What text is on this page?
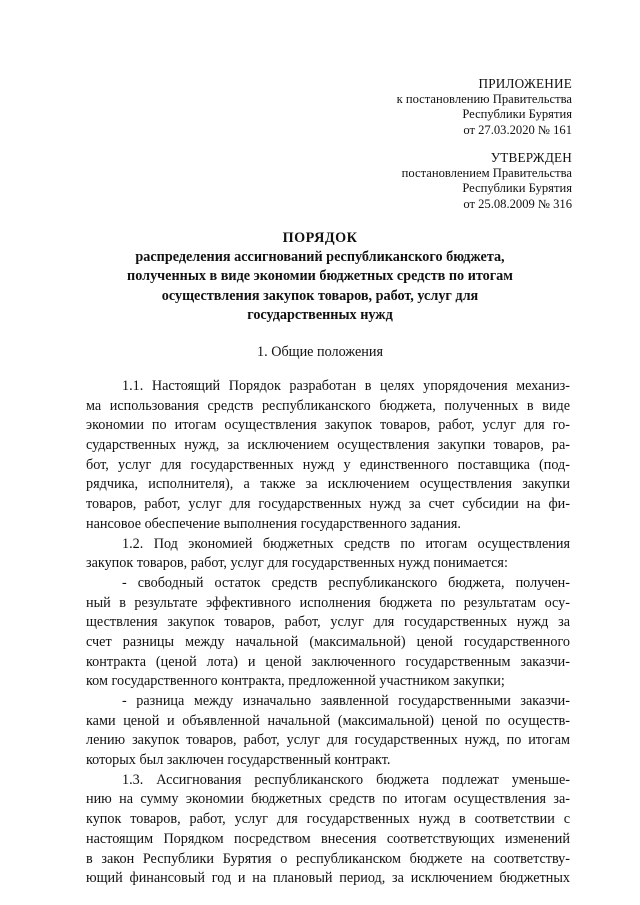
ПРИЛОЖЕНИЕ
к постановлению Правительства
Республики Бурятия
от 27.03.2020 № 161
УТВЕРЖДЕН
постановлением Правительства
Республики Бурятия
от 25.08.2009 № 316
ПОРЯДОК
распределения ассигнований республиканского бюджета,
полученных в виде экономии бюджетных средств по итогам
осуществления закупок товаров, работ, услуг для
государственных нужд
1. Общие положения
1.1. Настоящий Порядок разработан в целях упорядочения механиз-
ма использования средств республиканского бюджета, полученных в виде
экономии по итогам осуществления закупок товаров, работ, услуг для го-
сударственных нужд, за исключением осуществления закупки товаров, ра-
бот, услуг для государственных нужд у единственного поставщика (под-
рядчика, исполнителя), а также за исключением осуществления закупки
товаров, работ, услуг для государственных нужд за счет субсидии на фи-
нансовое обеспечение выполнения государственного задания.
1.2. Под экономией бюджетных средств по итогам осуществления
закупок товаров, работ, услуг для государственных нужд понимается:
- свободный остаток средств республиканского бюджета, получен-
ный в результате эффективного исполнения бюджета по результатам осу-
ществления закупок товаров, работ, услуг для государственных нужд за
счет разницы между начальной (максимальной) ценой государственного
контракта (ценой лота) и ценой заключенного государственным заказчи-
ком государственного контракта, предложенной участником закупки;
- разница между изначально заявленной государственными заказчи-
ками ценой и объявленной начальной (максимальной) ценой по осуществ-
лению закупок товаров, работ, услуг для государственных нужд, по итогам
которых был заключен государственный контракт.
1.3. Ассигнования республиканского бюджета подлежат уменьше-
нию на сумму экономии бюджетных средств по итогам осуществления за-
купок товаров, работ, услуг для государственных нужд в соответствии с
настоящим Порядком посредством внесения соответствующих изменений
в закон Республики Бурятия о республиканском бюджете на соответству-
ющий финансовый год и на плановый период, за исключением бюджетных
